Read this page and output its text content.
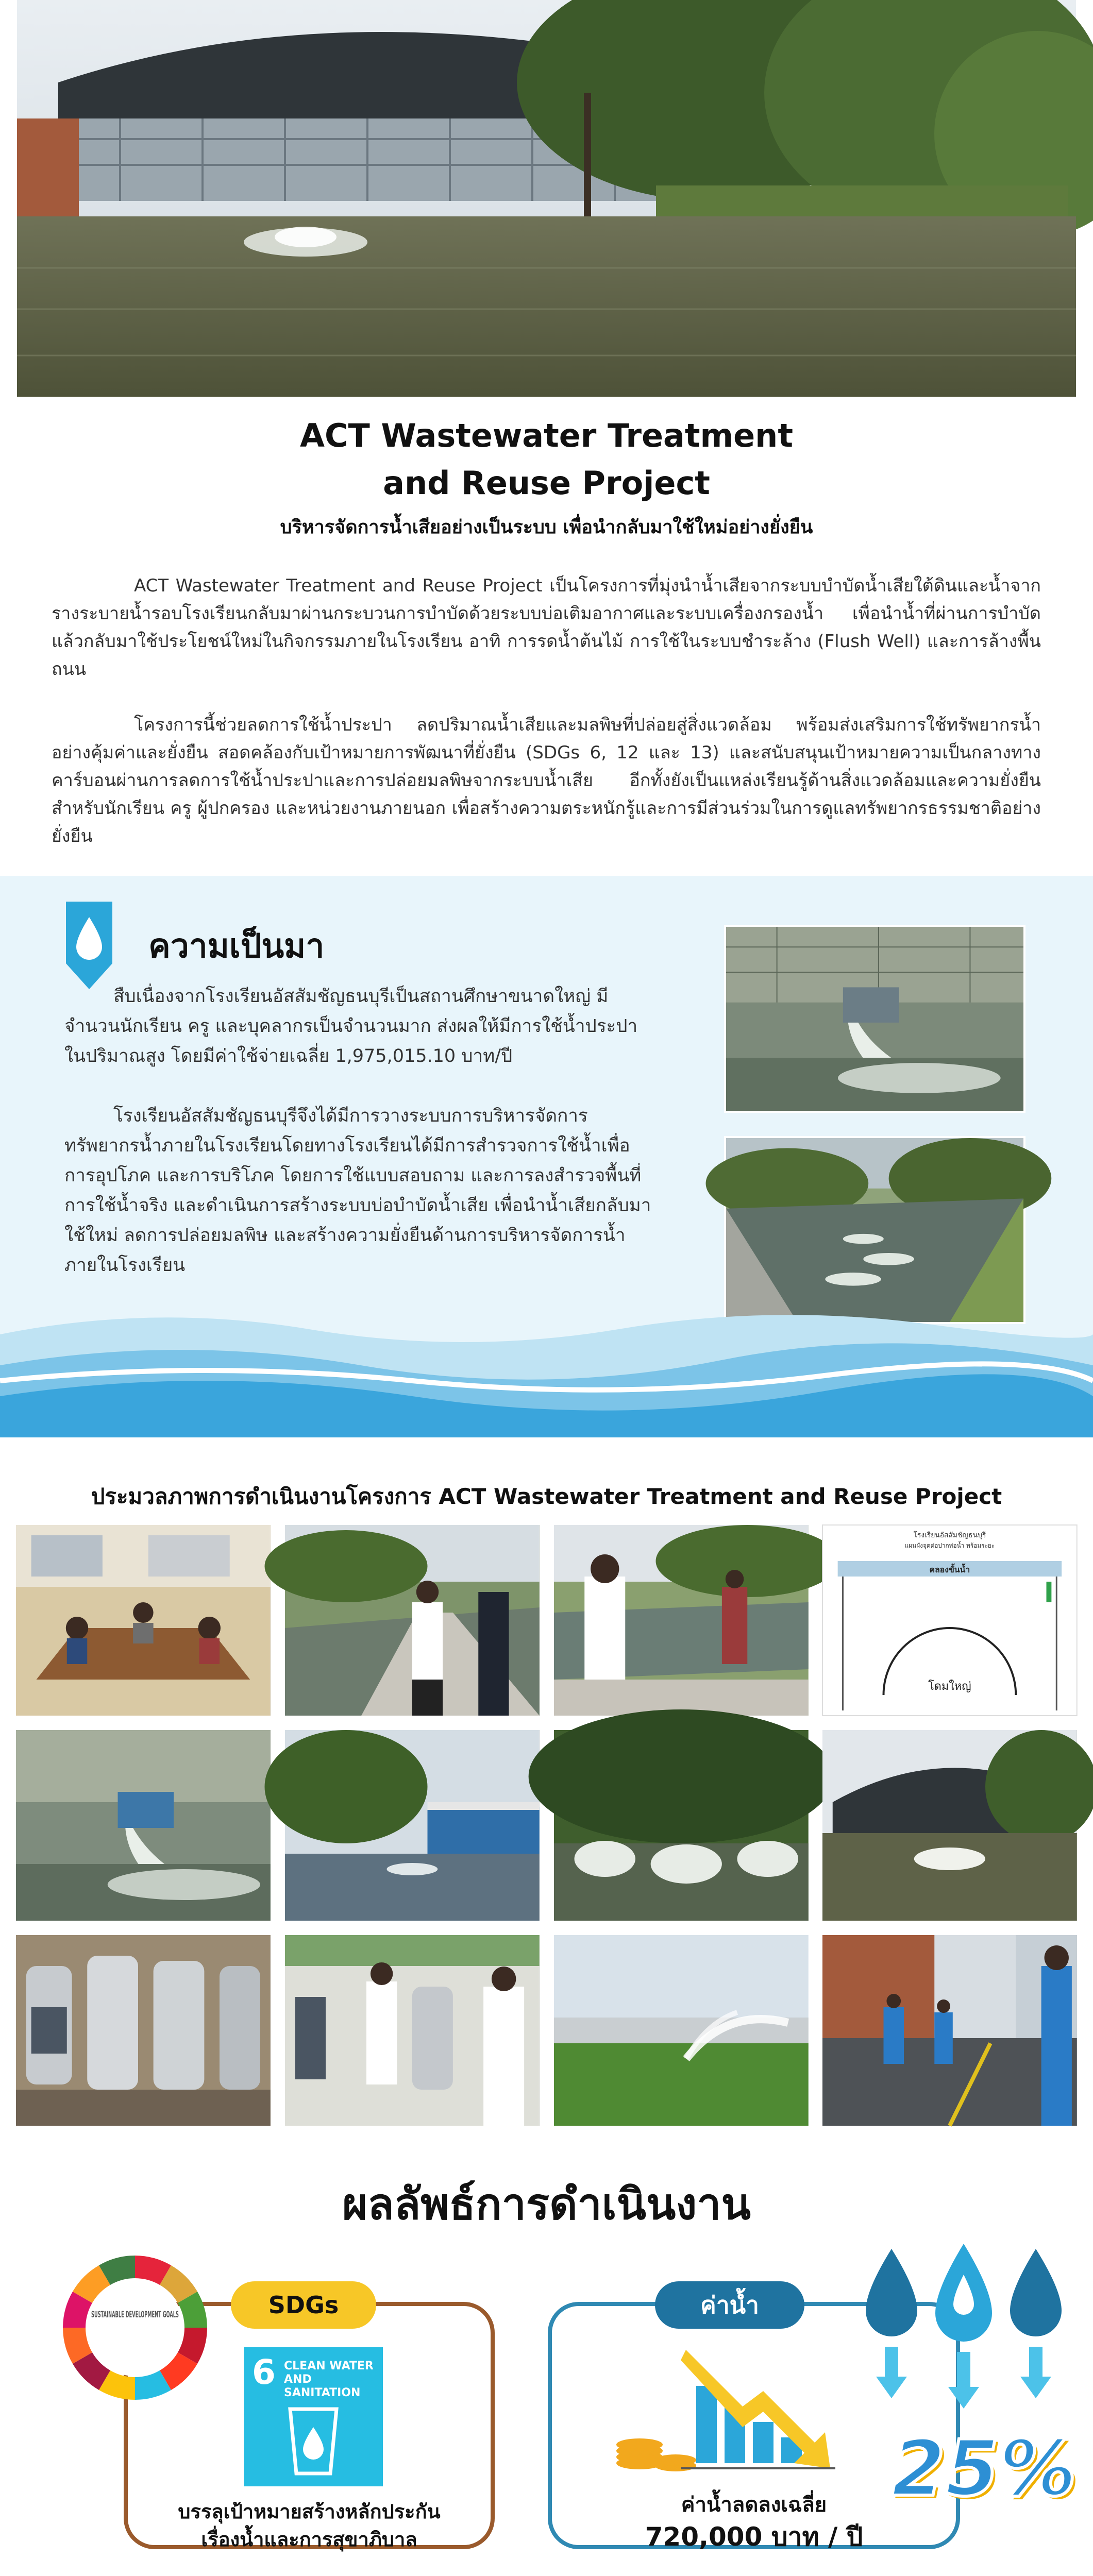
ACT Wastewater Treatment
and Reuse Project
บริหารจัดการน้ำเสียอย่างเป็นระบบ เพื่อนำกลับมาใช้ใหม่อย่างยั่งยืน

ACT Wastewater Treatment and Reuse Project เป็นโครงการที่มุ่งนำน้ำเสียจากระบบบำบัดน้ำเสียใต้ดินและน้ำจากรางระบายน้ำรอบโรงเรียนกลับมาผ่านกระบวนการบำบัดด้วยระบบบ่อเติมอากาศและระบบเครื่องกรองน้ำ เพื่อนำน้ำที่ผ่านการบำบัดแล้วกลับมาใช้ประโยชน์ใหม่ในกิจกรรมภายในโรงเรียน อาทิ การรดน้ำต้นไม้ การใช้ในระบบชำระล้าง (Flush Well) และการล้างพื้นถนน

โครงการนี้ช่วยลดการใช้น้ำประปา ลดปริมาณน้ำเสียและมลพิษที่ปล่อยสู่สิ่งแวดล้อม พร้อมส่งเสริมการใช้ทรัพยากรน้ำอย่างคุ้มค่าและยั่งยืน สอดคล้องกับเป้าหมายการพัฒนาที่ยั่งยืน (SDGs 6, 12 และ 13) และสนับสนุนเป้าหมายความเป็นกลางทางคาร์บอนผ่านการลดการใช้น้ำประปาและการปล่อยมลพิษจากระบบน้ำเสีย อีกทั้งยังเป็นแหล่งเรียนรู้ด้านสิ่งแวดล้อมและความยั่งยืนสำหรับนักเรียน ครู ผู้ปกครอง และหน่วยงานภายนอก เพื่อสร้างความตระหนักรู้และการมีส่วนร่วมในการดูแลทรัพยากรธรรมชาติอย่างยั่งยืน

ความเป็นมา

สืบเนื่องจากโรงเรียนอัสสัมชัญธนบุรีเป็นสถานศึกษาขนาดใหญ่ มีจำนวนนักเรียน ครู และบุคลากรเป็นจำนวนมาก ส่งผลให้มีการใช้น้ำประปาในปริมาณสูง โดยมีค่าใช้จ่ายเฉลี่ย 1,975,015.10 บาท/ปี

โรงเรียนอัสสัมชัญธนบุรีจึงได้มีการวางระบบการบริหารจัดการทรัพยากรน้ำภายในโรงเรียนโดยทางโรงเรียนได้มีการสำรวจการใช้น้ำเพื่อการอุปโภค และการบริโภค โดยการใช้แบบสอบถาม และการลงสำรวจพื้นที่การใช้น้ำจริง และดำเนินการสร้างระบบบ่อบำบัดน้ำเสีย เพื่อนำน้ำเสียกลับมาใช้ใหม่ ลดการปล่อยมลพิษ และสร้างความยั่งยืนด้านการบริหารจัดการน้ำภายในโรงเรียน

ประมวลภาพการดำเนินงานโครงการ ACT Wastewater Treatment and Reuse Project
โรงเรียนอัสสัมชัญธนบุรี
แผนผังจุดต่อปากท่อน้ำ พร้อมระยะ
คลองขั้นน้ำ
โดมใหญ่
ผลลัพธ์การดำเนินงาน
SDGs
6 CLEAN WATER AND SANITATION
บรรลุเป้าหมายสร้างหลักประกัน
เรื่องน้ำและการสุขาภิบาล
SUSTAINABLE DEVELOPMENT GOALS	ค่าน้ำ
ค่าน้ำลดลงเฉลี่ย
720,000 บาท / ปี
25%
